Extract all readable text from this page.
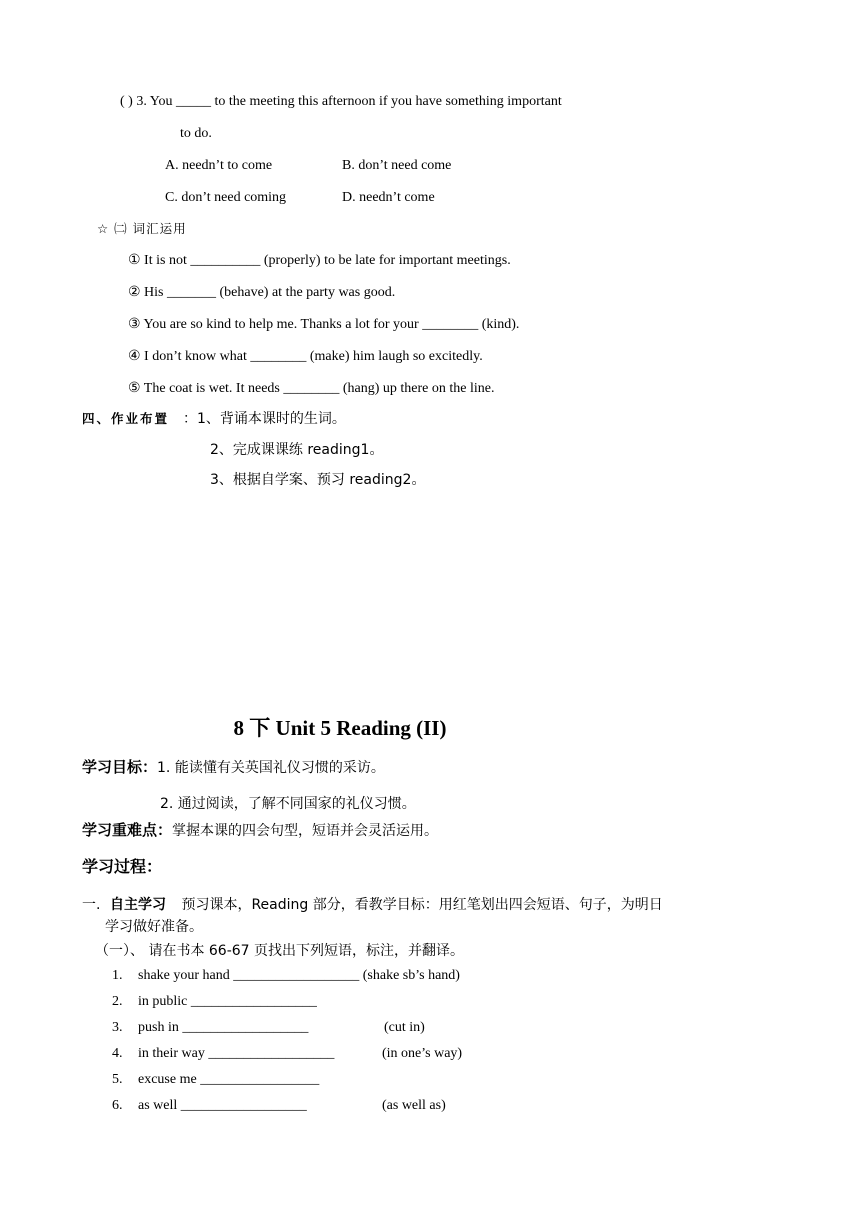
( ) 3. You _____ to the meeting this afternoon if you have something important
to do.
A. needn’t to come	B. don’t need come
C. don’t need coming	D. needn’t come
☆ ㈡ 词汇运用
① It is not __________ (properly) to be late for important meetings.
② His _______ (behave) at the party was good.
③ You are so kind to help me. Thanks a lot for your ________ (kind).
④ I don’t know what ________ (make) him laugh so excitedly.
⑤ The coat is wet. It needs ________ (hang) up there on the line.
四、作业布置 ：1、背诵本课时的生词。
2、完成课课练 reading1。
3、根据自学案、预习 reading2。
8 下 Unit 5 Reading (II)
学习目标：1. 能读懂有关英国礼仪习惯的采访。
2. 通过阅读，了解不同国家的礼仪习惯。
学习重难点：掌握本课的四会句型，短语并会灵活运用。
学习过程：
一. 自主学习 预习课本，Reading 部分，看教学目标：用红笔划出四会短语、句子，为明日
学习做好准备。
（一）、 请在书本 66-67 页找出下列短语，标注，并翻译。
1. shake your hand __________________ (shake sb’s hand)
2. in public __________________
3. push in __________________	(cut in)
4. in their way __________________	(in one’s way)
5. excuse me _________________
6. as well __________________	(as well as)
